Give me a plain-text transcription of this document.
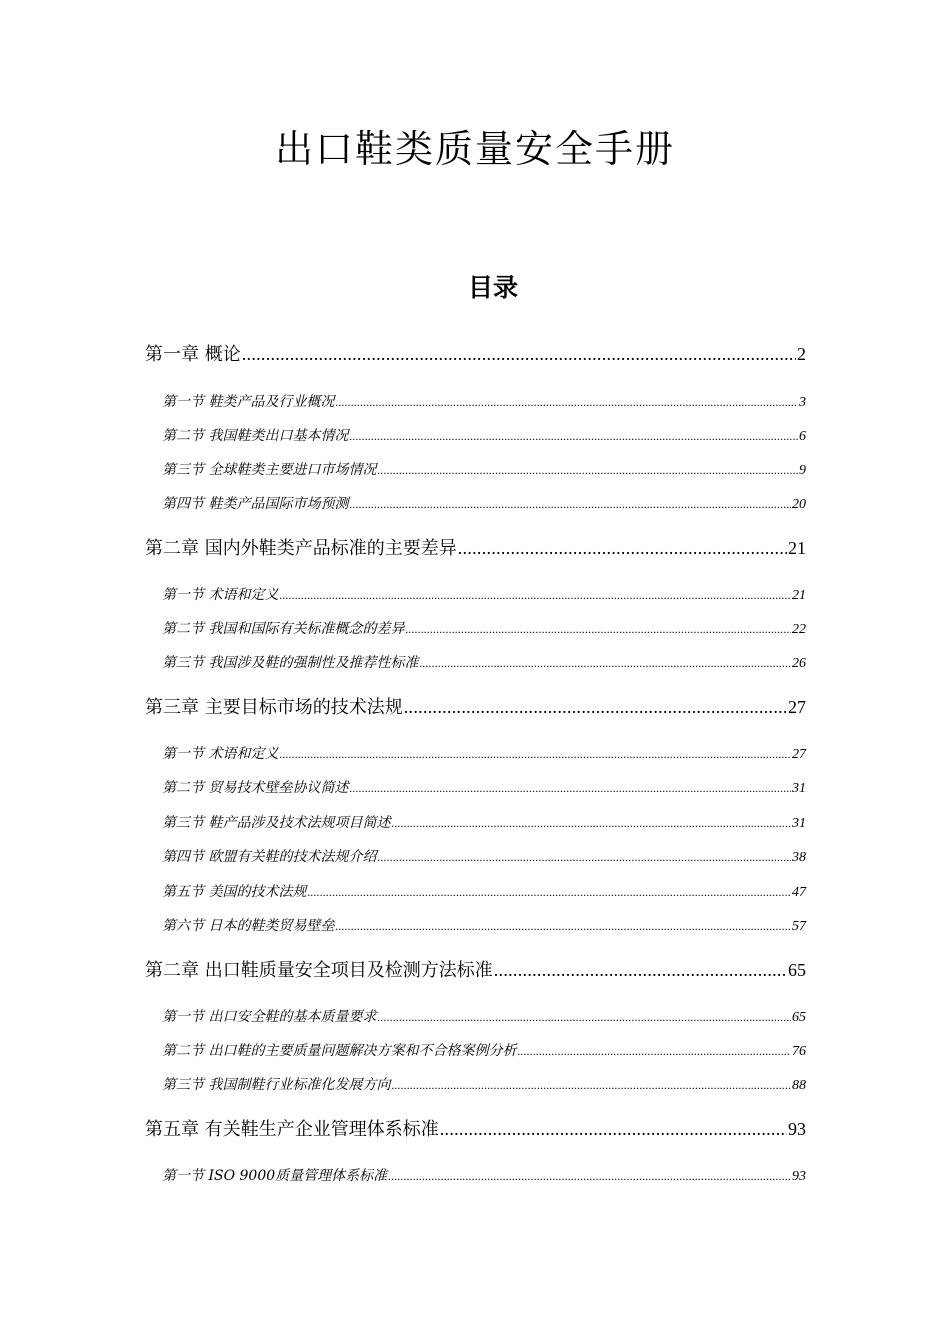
出口鞋类质量安全手册
目录
第一章 概论 .....	2
第一节 鞋类产品及行业概况 .....	3
第二节 我国鞋类出口基本情况 .....	6
第三节 全球鞋类主要进口市场情况 .....	9
第四节 鞋类产品国际市场预测 .....	20
第二章 国内外鞋类产品标准的主要差异 .....	21
第一节 术语和定义 .....	21
第二节 我国和国际有关标准概念的差异 .....	22
第三节 我国涉及鞋的强制性及推荐性标准 .....	26
第三章 主要目标市场的技术法规 .....	27
第一节 术语和定义 .....	27
第二节 贸易技术壁垒协议简述 .....	31
第三节 鞋产品涉及技术法规项目简述 .....	31
第四节 欧盟有关鞋的技术法规介绍 .....	38
第五节 美国的技术法规 .....	47
第六节 日本的鞋类贸易壁垒 .....	57
第二章 出口鞋质量安全项目及检测方法标准 .....	65
第一节 出口安全鞋的基本质量要求 .....	65
第二节 出口鞋的主要质量问题解决方案和不合格案例分析 .....	76
第三节 我国制鞋行业标准化发展方向 .....	88
第五章 有关鞋生产企业管理体系标准 .....	93
第一节 ISO 9000质量管理体系标准 .....	93
